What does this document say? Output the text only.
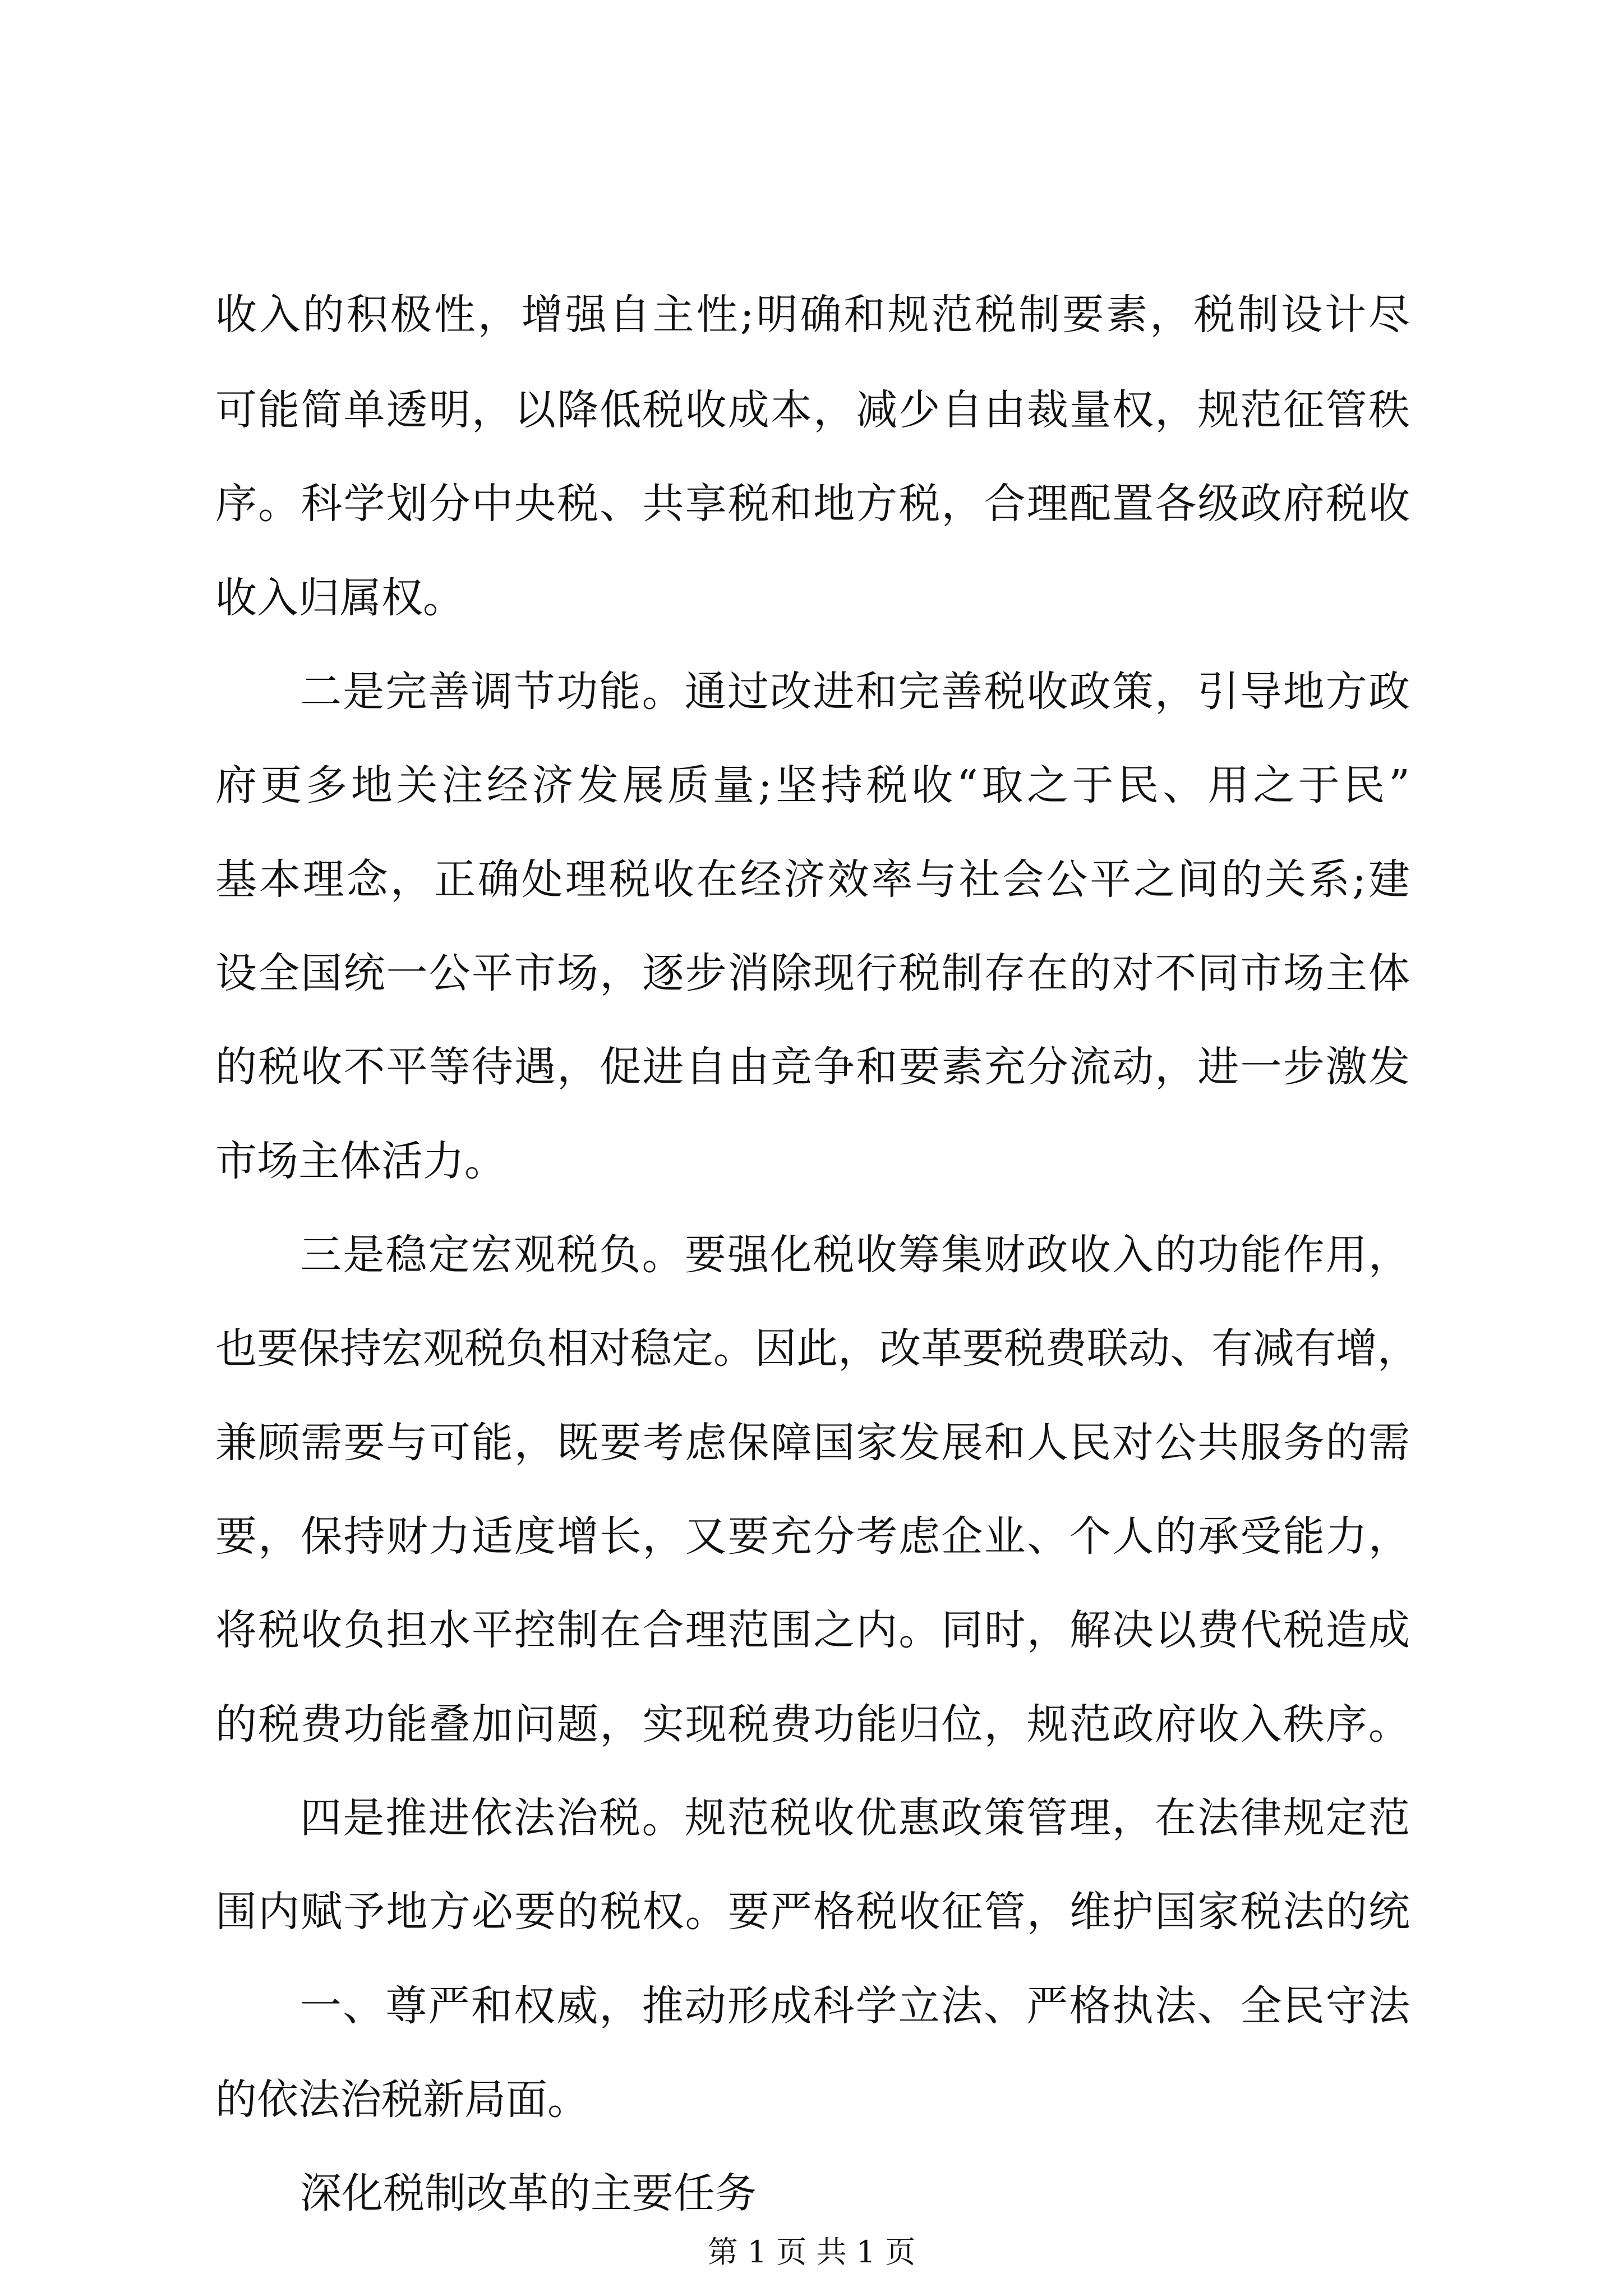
收入的积极性，增强自主性;明确和规范税制要素，税制设计尽
可能简单透明，以降低税收成本，减少自由裁量权，规范征管秩
序。科学划分中央税、共享税和地方税，合理配置各级政府税收
收入归属权。
二是完善调节功能。通过改进和完善税收政策，引导地方政
府更多地关注经济发展质量;坚持税收“取之于民、用之于民”
基本理念，正确处理税收在经济效率与社会公平之间的关系;建
设全国统一公平市场，逐步消除现行税制存在的对不同市场主体
的税收不平等待遇，促进自由竞争和要素充分流动，进一步激发
市场主体活力。
三是稳定宏观税负。要强化税收筹集财政收入的功能作用，
也要保持宏观税负相对稳定。因此，改革要税费联动、有减有增，
兼顾需要与可能，既要考虑保障国家发展和人民对公共服务的需
要，保持财力适度增长，又要充分考虑企业、个人的承受能力，
将税收负担水平控制在合理范围之内。同时，解决以费代税造成
的税费功能叠加问题，实现税费功能归位，规范政府收入秩序。
四是推进依法治税。规范税收优惠政策管理，在法律规定范
围内赋予地方必要的税权。要严格税收征管，维护国家税法的统
一、尊严和权威，推动形成科学立法、严格执法、全民守法
的依法治税新局面。
深化税制改革的主要任务
第 1 页 共 1 页
